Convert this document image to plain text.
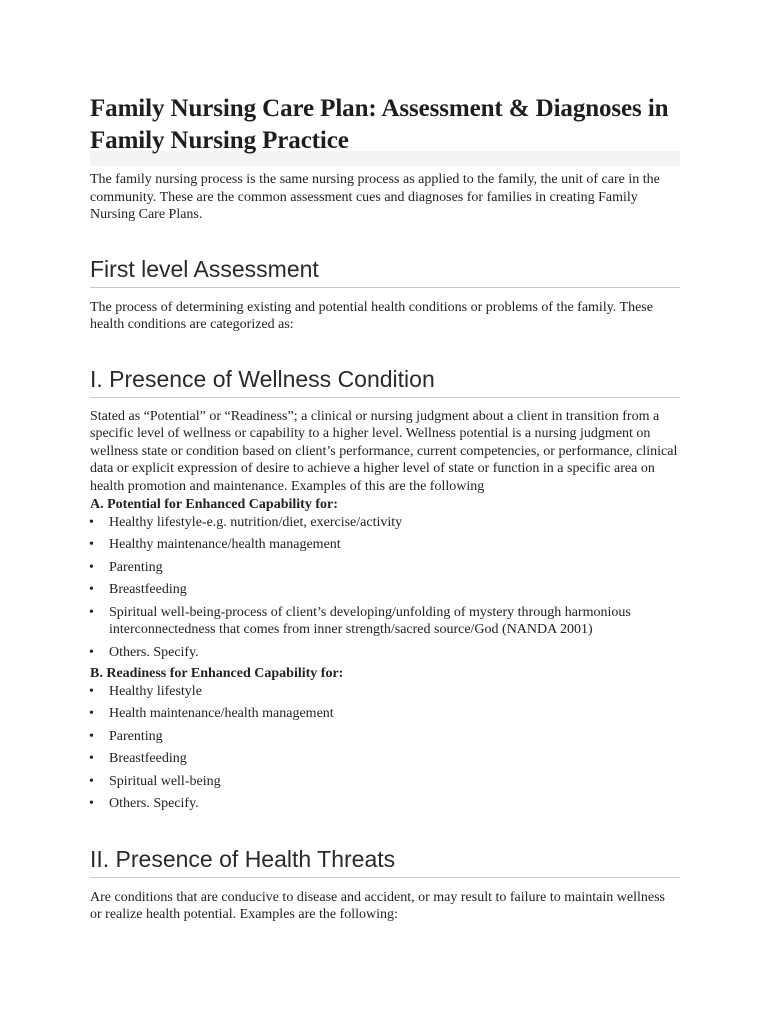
Family Nursing Care Plan: Assessment & Diagnoses in Family Nursing Practice

The family nursing process is the same nursing process as applied to the family, the unit of care in the community. These are the common assessment cues and diagnoses for families in creating Family Nursing Care Plans.

First level Assessment

The process of determining existing and potential health conditions or problems of the family. These health conditions are categorized as:

I. Presence of Wellness Condition

Stated as “Potential” or “Readiness”; a clinical or nursing judgment about a client in transition from a specific level of wellness or capability to a higher level. Wellness potential is a nursing judgment on wellness state or condition based on client’s performance, current competencies, or performance, clinical data or explicit expression of desire to achieve a higher level of state or function in a specific area on health promotion and maintenance. Examples of this are the following

A. Potential for Enhanced Capability for:
• Healthy lifestyle-e.g. nutrition/diet, exercise/activity
• Healthy maintenance/health management
• Parenting
• Breastfeeding
• Spiritual well-being-process of client’s developing/unfolding of mystery through harmonious interconnectedness that comes from inner strength/sacred source/God (NANDA 2001)
• Others. Specify.
B. Readiness for Enhanced Capability for:
• Healthy lifestyle
• Health maintenance/health management
• Parenting
• Breastfeeding
• Spiritual well-being
• Others. Specify.
II. Presence of Health Threats

Are conditions that are conducive to disease and accident, or may result to failure to maintain wellness or realize health potential. Examples are the following:
